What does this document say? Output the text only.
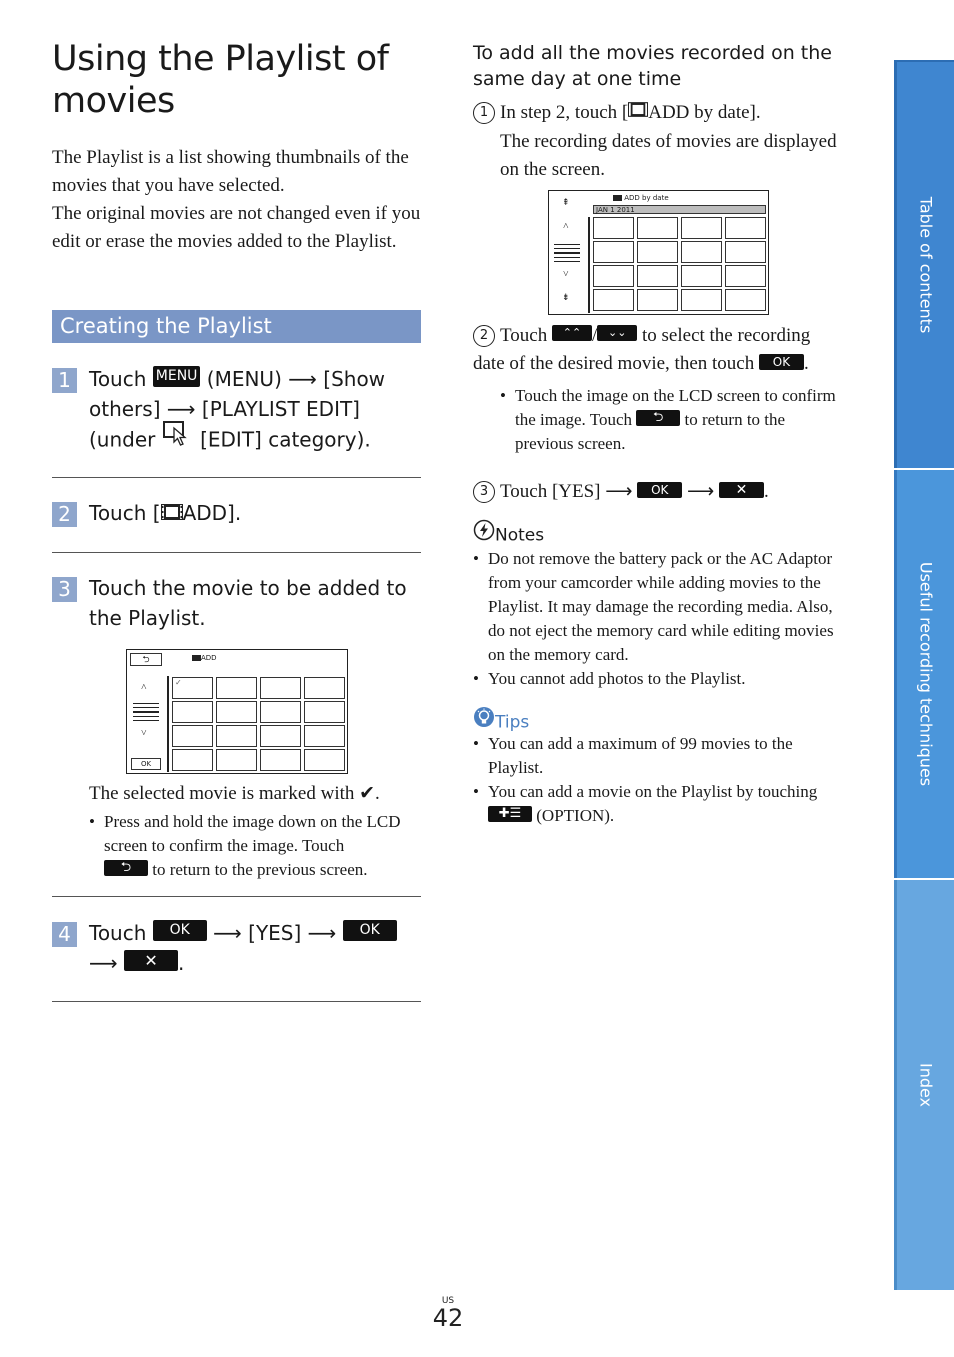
Using the Playlist of movies

The Playlist is a list showing thumbnails of the movies that you have selected.

The original movies are not changed even if you edit or erase the movies added to the Playlist.

Creating the Playlist
1 Touch MENU (MENU) ⟶ [Show others] ⟶ [PLAYLIST EDIT] (under  [EDIT] category).
2 Touch [ ADD].
3 Touch the movie to be added to the Playlist.
⮌	ADD
˄
˅
OK
✓
The selected movie is marked with ✔.
• Press and hold the image down on the LCD screen to confirm the image. Touch
⮌ to return to the previous screen.
4 Touch OK ⟶ [YES] ⟶ OK
⟶ ✕ .
To add all the movies recorded on the same day at one time
1 In step 2, touch [ ADD by date].
The recording dates of movies are displayed on the screen.
ADD by date
JAN 1 2011
⇞
˄
˅
⇟
2 Touch ⌃⌃ / ⌄⌄ to select the recording date of the desired movie, then touch OK .
• Touch the image on the LCD screen to confirm the image. Touch ⮌ to return to the previous screen.
3 Touch [YES] ⟶ OK ⟶ ✕ .
Notes
• Do not remove the battery pack or the AC Adaptor from your camcorder while adding movies to the Playlist. It may damage the recording media. Also, do not eject the memory card while editing movies on the memory card.
• You cannot add photos to the Playlist.
Tips
• You can add a maximum of 99 movies to the Playlist.
• You can add a movie on the Playlist by touching
✚☰ (OPTION).
Table of contents
Useful recording techniques
Index
US
42
